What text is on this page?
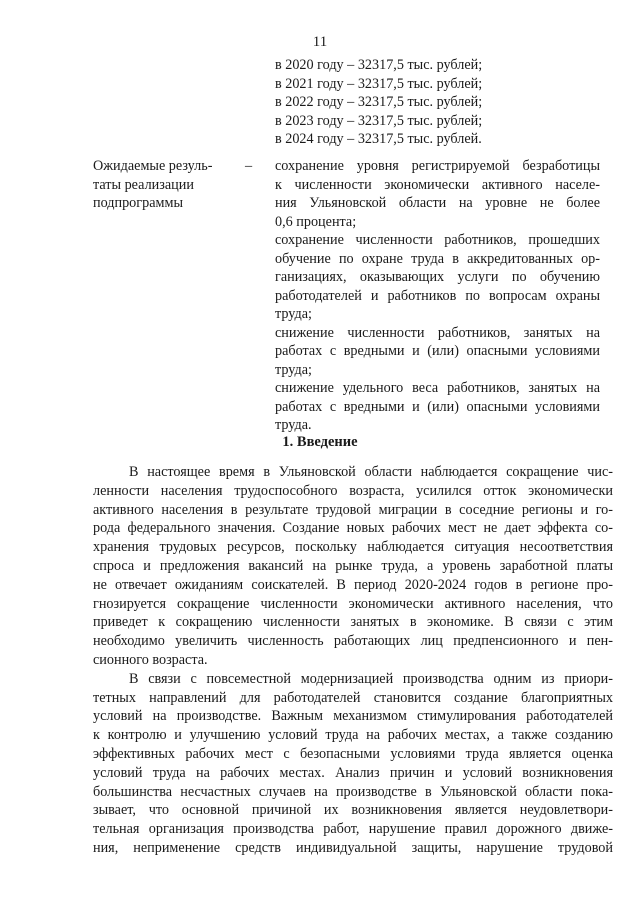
11
в 2020 году – 32317,5 тыс. рублей;
в 2021 году – 32317,5 тыс. рублей;
в 2022 году – 32317,5 тыс. рублей;
в 2023 году – 32317,5 тыс. рублей;
в 2024 году – 32317,5 тыс. рублей.
Ожидаемые резуль-
таты реализации
подпрограммы
– сохранение уровня регистрируемой безработицы
к численности экономически активного населе-
ния Ульяновской области на уровне не более
0,6 процента;
сохранение численности работников, прошедших
обучение по охране труда в аккредитованных ор-
ганизациях, оказывающих услуги по обучению
работодателей и работников по вопросам охраны
труда;
снижение численности работников, занятых на
работах с вредными и (или) опасными условиями
труда;
снижение удельного веса работников, занятых на
работах с вредными и (или) опасными условиями
труда.
1. Введение
В настоящее время в Ульяновской области наблюдается сокращение чис-
ленности населения трудоспособного возраста, усилился отток экономически
активного населения в результате трудовой миграции в соседние регионы и го-
рода федерального значения. Создание новых рабочих мест не дает эффекта со-
хранения трудовых ресурсов, поскольку наблюдается ситуация несоответствия
спроса и предложения вакансий на рынке труда, а уровень заработной платы
не отвечает ожиданиям соискателей. В период 2020-2024 годов в регионе про-
гнозируется сокращение численности экономически активного населения, что
приведет к сокращению численности занятых в экономике. В связи с этим
необходимо увеличить численность работающих лиц предпенсионного и пен-
сионного возраста.
В связи с повсеместной модернизацией производства одним из приори-
тетных направлений для работодателей становится создание благоприятных
условий на производстве. Важным механизмом стимулирования работодателей
к контролю и улучшению условий труда на рабочих местах, а также созданию
эффективных рабочих мест с безопасными условиями труда является оценка
условий труда на рабочих местах. Анализ причин и условий возникновения
большинства несчастных случаев на производстве в Ульяновской области пока-
зывает, что основной причиной их возникновения является неудовлетвори-
тельная организация производства работ, нарушение правил дорожного движе-
ния, неприменение средств индивидуальной защиты, нарушение трудовой
